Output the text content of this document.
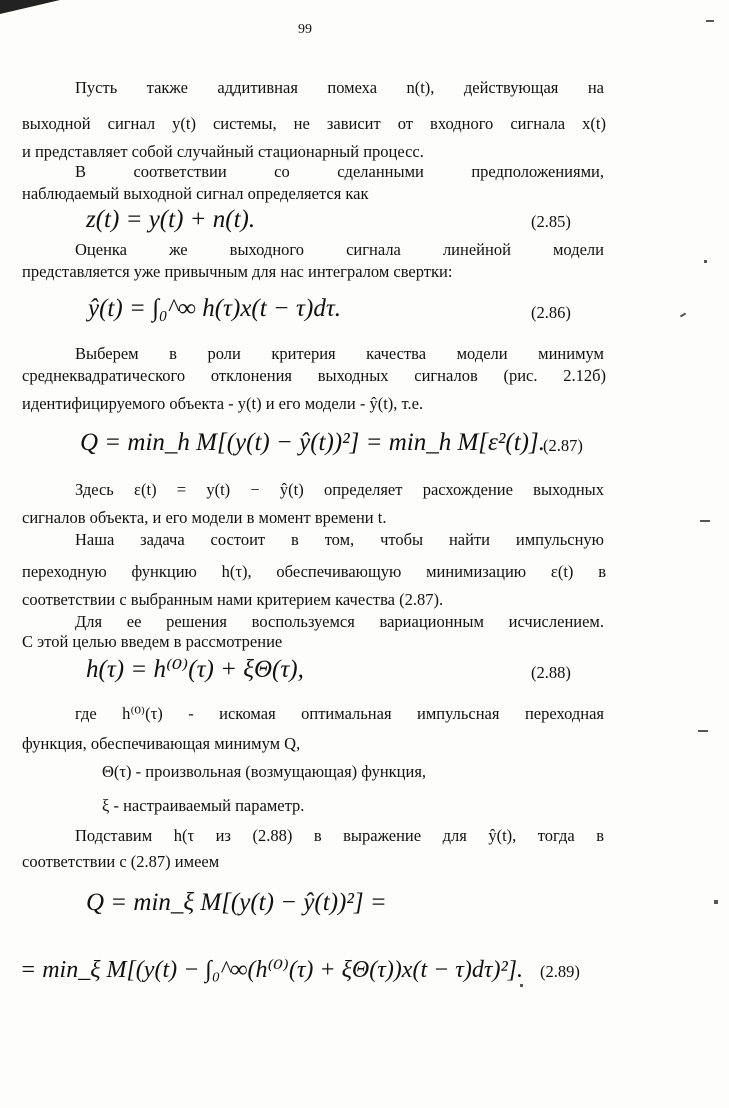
99
Пусть также аддитивная помеха n(t), действующая на
выходной сигнал y(t) системы, не зависит от входного сигнала x(t)
и представляет собой случайный стационарный процесс.
В соответствии со сделанными предположениями,
наблюдаемый выходной сигнал определяется как
z(t) = y(t) + n(t).	(2.85)
Оценка же выходного сигнала линейной модели
представляется уже привычным для нас интегралом свертки:
ŷ(t) = ∫₀^∞ h(τ)x(t − τ)dτ.	(2.86)
Выберем в роли критерия качества модели минимум
среднеквадратического отклонения выходных сигналов (рис. 2.12б)
идентифицируемого объекта - y(t) и его модели - ŷ(t), т.е.
Q = min_h M[(y(t) − ŷ(t))²] = min_h M[ε²(t)].
(2.87)
Здесь ε(t) = y(t) − ŷ(t) определяет расхождение выходных
сигналов объекта, и его модели в момент времени t.
Наша задача состоит в том, чтобы найти импульсную
переходную функцию h(τ), обеспечивающую минимизацию ε(t) в
соответствии с выбранным нами критерием качества (2.87).
Для ее решения воспользуемся вариационным исчислением.
С этой целью введем в рассмотрение
h(τ) = h⁽⁰⁾(τ) + ξΘ(τ),	(2.88)
где h⁽⁰⁾(τ) - искомая оптимальная импульсная переходная
функция, обеспечивающая минимум Q,
Θ(τ) - произвольная (возмущающая) функция,
ξ - настраиваемый параметр.
Подставим h(τ из (2.88) в выражение для ŷ(t), тогда в
соответствии с (2.87) имеем
Q = min_ξ M[(y(t) − ŷ(t))²] =
= min_ξ M[(y(t) − ∫₀^∞(h⁽⁰⁾(τ) + ξΘ(τ))x(t − τ)dτ)²]. (2.89)
